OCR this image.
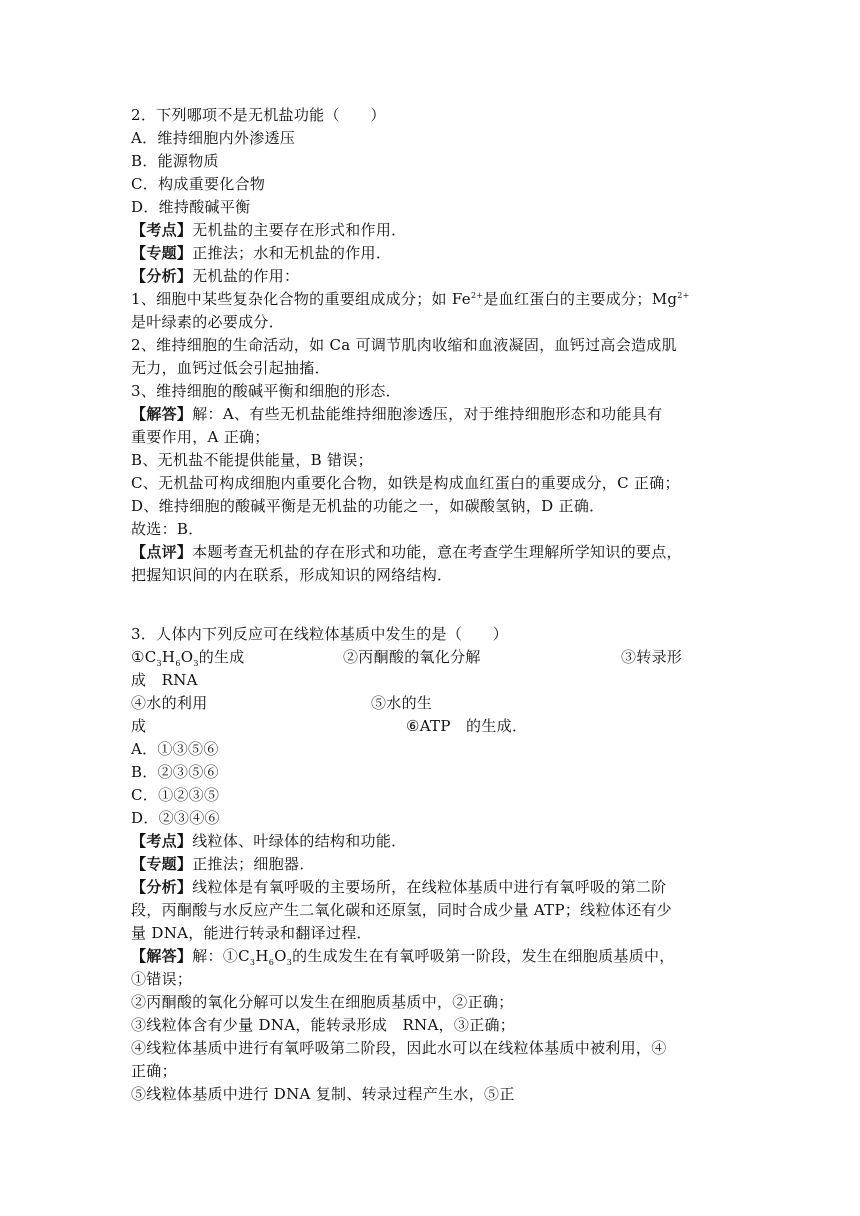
2．下列哪项不是无机盐功能（　　）
A．维持细胞内外渗透压
B．能源物质
C．构成重要化合物
D．维持酸碱平衡
【考点】无机盐的主要存在形式和作用．
【专题】正推法；水和无机盐的作用．
【分析】无机盐的作用：
1、细胞中某些复杂化合物的重要组成成分；如 $Fe^{2+}$是血红蛋白的主要成分；$Mg^{2+}$
是叶绿素的必要成分．
2、维持细胞的生命活动，如 Ca 可调节肌肉收缩和血液凝固，血钙过高会造成肌
无力，血钙过低会引起抽搐．
3、维持细胞的酸碱平衡和细胞的形态．
【解答】解：A、有些无机盐能维持细胞渗透压，对于维持细胞形态和功能具有
重要作用，A 正确；
B、无机盐不能提供能量，B 错误；
C、无机盐可构成细胞内重要化合物，如铁是构成血红蛋白的重要成分，C 正确；
D、维持细胞的酸碱平衡是无机盐的功能之一，如碳酸氢钠，D 正确．
故选：B．
【点评】本题考查无机盐的存在形式和功能，意在考查学生理解所学知识的要点，
把握知识间的内在联系，形成知识的网络结构．
3．人体内下列反应可在线粒体基质中发生的是（　　）
$①C_3H_6O_3$的生成	②丙酮酸的氧化分解	③转录形
成　RNA
④水的利用	⑤水的生
成	⑥ATP　的生成．
A．①③⑤⑥
B．②③⑤⑥
C．①②③⑤
D．②③④⑥
【考点】线粒体、叶绿体的结构和功能．
【专题】正推法；细胞器．
【分析】线粒体是有氧呼吸的主要场所，在线粒体基质中进行有氧呼吸的第二阶
段，丙酮酸与水反应产生二氧化碳和还原氢，同时合成少量 ATP；线粒体还有少
量 DNA，能进行转录和翻译过程．
【解答】解：$①C_3H_6O_3$的生成发生在有氧呼吸第一阶段，发生在细胞质基质中，
①错误；
②丙酮酸的氧化分解可以发生在细胞质基质中，②正确；
③线粒体含有少量 DNA，能转录形成　RNA，③正确；
④线粒体基质中进行有氧呼吸第二阶段，因此水可以在线粒体基质中被利用，④
正确；
⑤线粒体基质中进行 DNA 复制、转录过程产生水，⑤正
